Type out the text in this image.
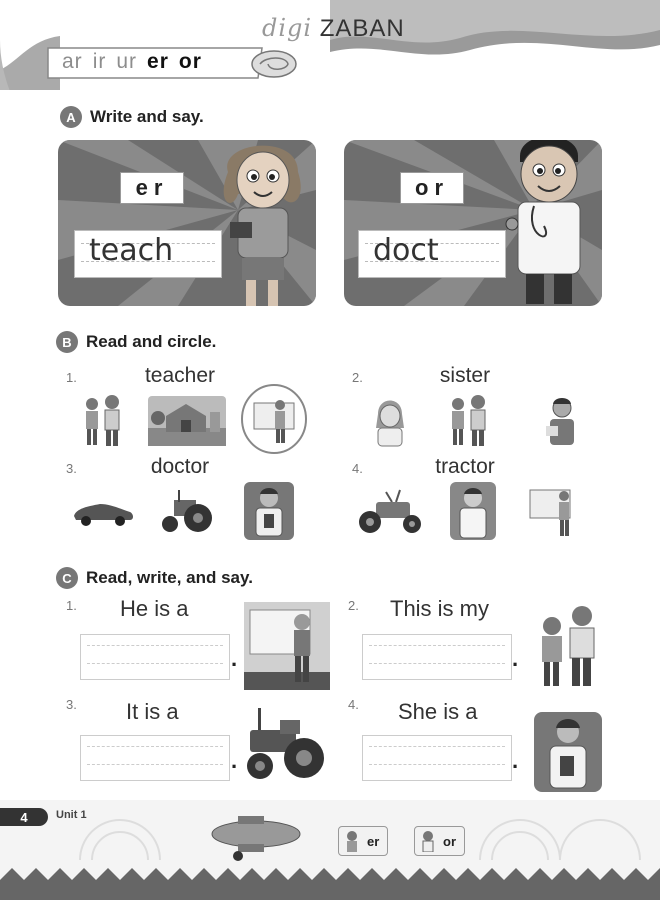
digi ZABAN
ar ir ur er or
A Write and say.
er
teach
or
doct
B Read and circle.
1.	teacher	2.	sister
3.	doctor	4.	tractor
C Read, write, and say.
1. He is a
.
2. This is my
.
3. It is a
.
4. She is a
.
4	Unit 1
er	or
